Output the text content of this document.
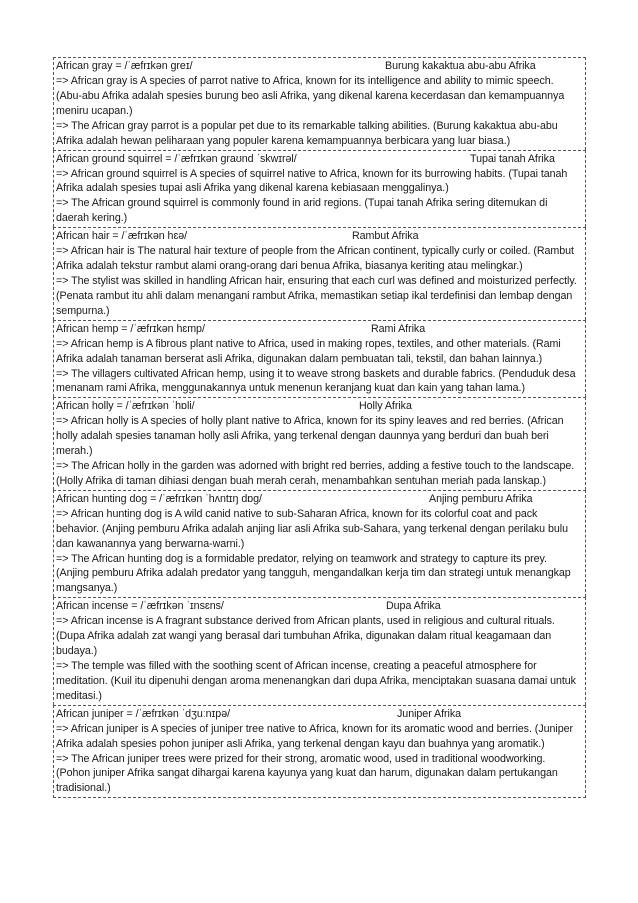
African gray = /ˈæfrɪkən ɡreɪ/	Burung kakaktua abu-abu Afrika
=> African gray is A species of parrot native to Africa, known for its intelligence and ability to mimic speech. (Abu-abu Afrika adalah spesies burung beo asli Afrika, yang dikenal karena kecerdasan dan kemampuannya meniru ucapan.)
=> The African gray parrot is a popular pet due to its remarkable talking abilities. (Burung kakaktua abu-abu Afrika adalah hewan peliharaan yang populer karena kemampuannya berbicara yang luar biasa.)
African ground squirrel = /ˈæfrɪkən ɡraʊnd ˈskwɪrəl/	Tupai tanah Afrika
=> African ground squirrel is A species of squirrel native to Africa, known for its burrowing habits. (Tupai tanah Afrika adalah spesies tupai asli Afrika yang dikenal karena kebiasaan menggalinya.)
=> The African ground squirrel is commonly found in arid regions. (Tupai tanah Afrika sering ditemukan di daerah kering.)
African hair = /ˈæfrɪkən hɛə/	Rambut Afrika
=> African hair is The natural hair texture of people from the African continent, typically curly or coiled. (Rambut Afrika adalah tekstur rambut alami orang-orang dari benua Afrika, biasanya keriting atau melingkar.)
=> The stylist was skilled in handling African hair, ensuring that each curl was defined and moisturized perfectly. (Penata rambut itu ahli dalam menangani rambut Afrika, memastikan setiap ikal terdefinisi dan lembap dengan sempurna.)
African hemp = /ˈæfrɪkən hɛmp/	Rami Afrika
=> African hemp is A fibrous plant native to Africa, used in making ropes, textiles, and other materials. (Rami Afrika adalah tanaman berserat asli Afrika, digunakan dalam pembuatan tali, tekstil, dan bahan lainnya.)
=> The villagers cultivated African hemp, using it to weave strong baskets and durable fabrics. (Penduduk desa menanam rami Afrika, menggunakannya untuk menenun keranjang kuat dan kain yang tahan lama.)
African holly = /ˈæfrɪkən ˈhɒli/	Holly Afrika
=> African holly is A species of holly plant native to Africa, known for its spiny leaves and red berries. (African holly adalah spesies tanaman holly asli Afrika, yang terkenal dengan daunnya yang berduri dan buah beri merah.)
=> The African holly in the garden was adorned with bright red berries, adding a festive touch to the landscape. (Holly Afrika di taman dihiasi dengan buah merah cerah, menambahkan sentuhan meriah pada lanskap.)
African hunting dog = /ˈæfrɪkən ˈhʌntɪŋ dɒɡ/	Anjing pemburu Afrika
=> African hunting dog is A wild canid native to sub-Saharan Africa, known for its colorful coat and pack behavior. (Anjing pemburu Afrika adalah anjing liar asli Afrika sub-Sahara, yang terkenal dengan perilaku bulu dan kawanannya yang berwarna-warni.)
=> The African hunting dog is a formidable predator, relying on teamwork and strategy to capture its prey. (Anjing pemburu Afrika adalah predator yang tangguh, mengandalkan kerja tim dan strategi untuk menangkap mangsanya.)
African incense = /ˈæfrɪkən ˈɪnsɛns/	Dupa Afrika
=> African incense is A fragrant substance derived from African plants, used in religious and cultural rituals. (Dupa Afrika adalah zat wangi yang berasal dari tumbuhan Afrika, digunakan dalam ritual keagamaan dan budaya.)
=> The temple was filled with the soothing scent of African incense, creating a peaceful atmosphere for meditation. (Kuil itu dipenuhi dengan aroma menenangkan dari dupa Afrika, menciptakan suasana damai untuk meditasi.)
African juniper = /ˈæfrɪkən ˈdʒuːnɪpə/	Juniper Afrika
=> African juniper is A species of juniper tree native to Africa, known for its aromatic wood and berries. (Juniper Afrika adalah spesies pohon juniper asli Afrika, yang terkenal dengan kayu dan buahnya yang aromatik.)
=> The African juniper trees were prized for their strong, aromatic wood, used in traditional woodworking. (Pohon juniper Afrika sangat dihargai karena kayunya yang kuat dan harum, digunakan dalam pertukangan tradisional.)
